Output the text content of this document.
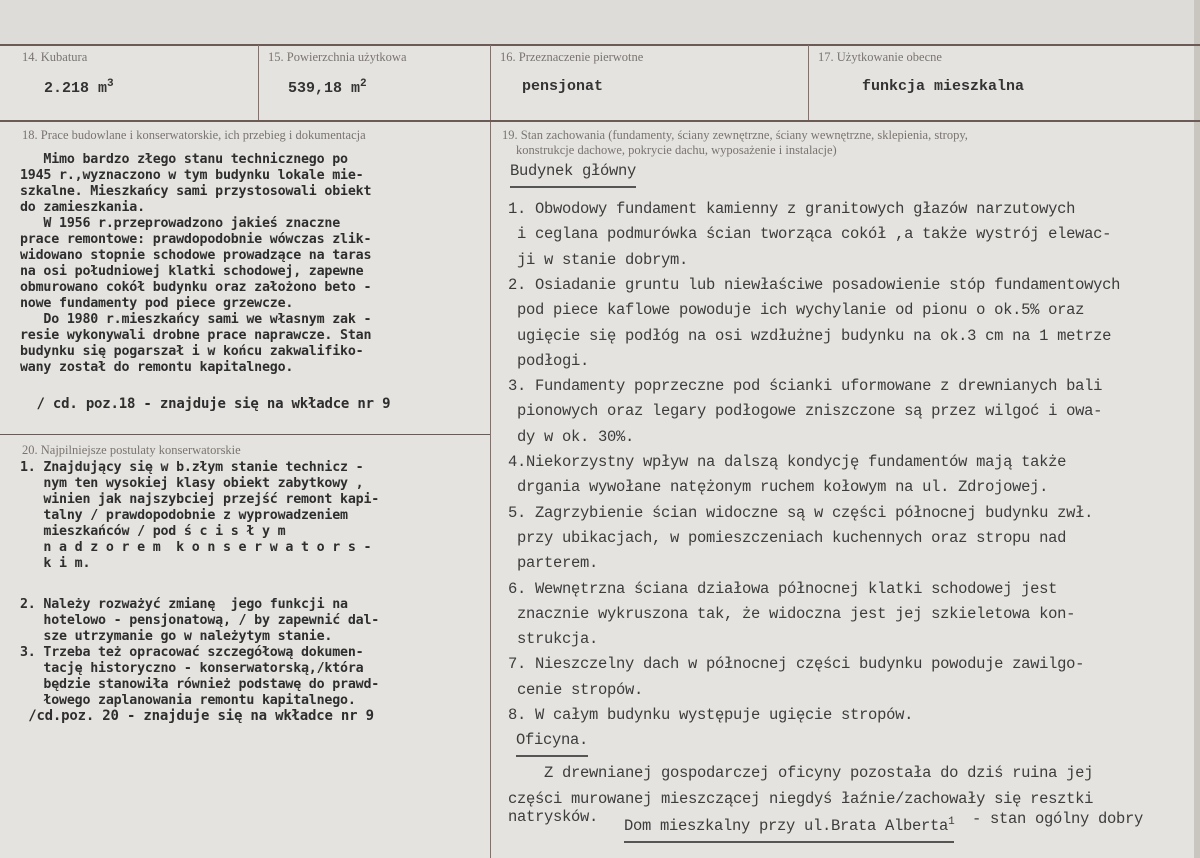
14. Kubatura
2.218 $m^3$
15. Powierzchnia użytkowa
539,18 $m^2$
16. Przeznaczenie pierwotne
pensjonat
17. Użytkowanie obecne
funkcja mieszkalna
18. Prace budowlane i konserwatorskie, ich przebieg i dokumentacja
Mimo bardzo złego stanu technicznego po
1945 r.,wyznaczono w tym budynku lokale mie-
szkalne. Mieszkańcy sami przystosowali obiekt
do zamieszkania.
W 1956 r.przeprowadzono jakieś znaczne
prace remontowe: prawdopodobnie wówczas zlik-
widowano stopnie schodowe prowadzące na taras
na osi południowej klatki schodowej, zapewne
obmurowano cokół budynku oraz założono beto -
nowe fundamenty pod piece grzewcze.
Do 1980 r.mieszkańcy sami we własnym zak -
resie wykonywali drobne prace naprawcze. Stan
budynku się pogarszał i w końcu zakwalifiko-
wany został do remontu kapitalnego.
/ cd. poz.18 - znajduje się na wkładce nr 9
20. Najpilniejsze postulaty konserwatorskie
1. Znajdujący się w b.złym stanie technicz -
nym ten wysokiej klasy obiekt zabytkowy ,
winien jak najszybciej przejść remont kapi-
talny / prawdopodobnie z wyprowadzeniem
mieszkańców / pod ś c i s ł y m
n a d z o r e m  k o n s e r w a t o r s -
k i m.
2. Należy rozważyć zmianę  jego funkcji na
hotelowo - pensjonatową, / by zapewnić dal-
sze utrzymanie go w należytym stanie.
3. Trzeba też opracować szczegółową dokumen-
tację historyczno - konserwatorską,/która
będzie stanowiła również podstawę do prawd-
łowego zaplanowania remontu kapitalnego.
/cd.poz. 20 - znajduje się na wkładce nr 9
19. Stan zachowania (fundamenty, ściany zewnętrzne, ściany wewnętrzne, sklepienia, stropy,
konstrukcje dachowe, pokrycie dachu, wyposażenie i instalacje)
Budynek główny
1. Obwodowy fundament kamienny z granitowych głazów narzutowych
i ceglana podmurówka ścian tworząca cokół ,a także wystrój elewac-
ji w stanie dobrym.
2. Osiadanie gruntu lub niewłaściwe posadowienie stóp fundamentowych
pod piece kaflowe powoduje ich wychylanie od pionu o ok.5% oraz
ugięcie się podłóg na osi wzdłużnej budynku na ok.3 cm na 1 metrze
podłogi.
3. Fundamenty poprzeczne pod ścianki uformowane z drewnianych bali
pionowych oraz legary podłogowe zniszczone są przez wilgoć i owa-
dy w ok. 30%.
4.Niekorzystny wpływ na dalszą kondycję fundamentów mają także
drgania wywołane natężonym ruchem kołowym na ul. Zdrojowej.
5. Zagrzybienie ścian widoczne są w części północnej budynku zwł.
przy ubikacjach, w pomieszczeniach kuchennych oraz stropu nad
parterem.
6. Wewnętrzna ściana działowa północnej klatki schodowej jest
znacznie wykruszona tak, że widoczna jest jej szkieletowa kon-
strukcja.
7. Nieszczelny dach w północnej części budynku powoduje zawilgo-
cenie stropów.
8. W całym budynku występuje ugięcie stropów.
Oficyna.
Z drewnianej gospodarczej oficyny pozostała do dziś ruina jej
części murowanej mieszczącej niegdyś łaźnie/zachowały się resztki
natrysków.
Dom mieszkalny przy ul.Brata Alberta$^1$ - stan ogólny dobry
